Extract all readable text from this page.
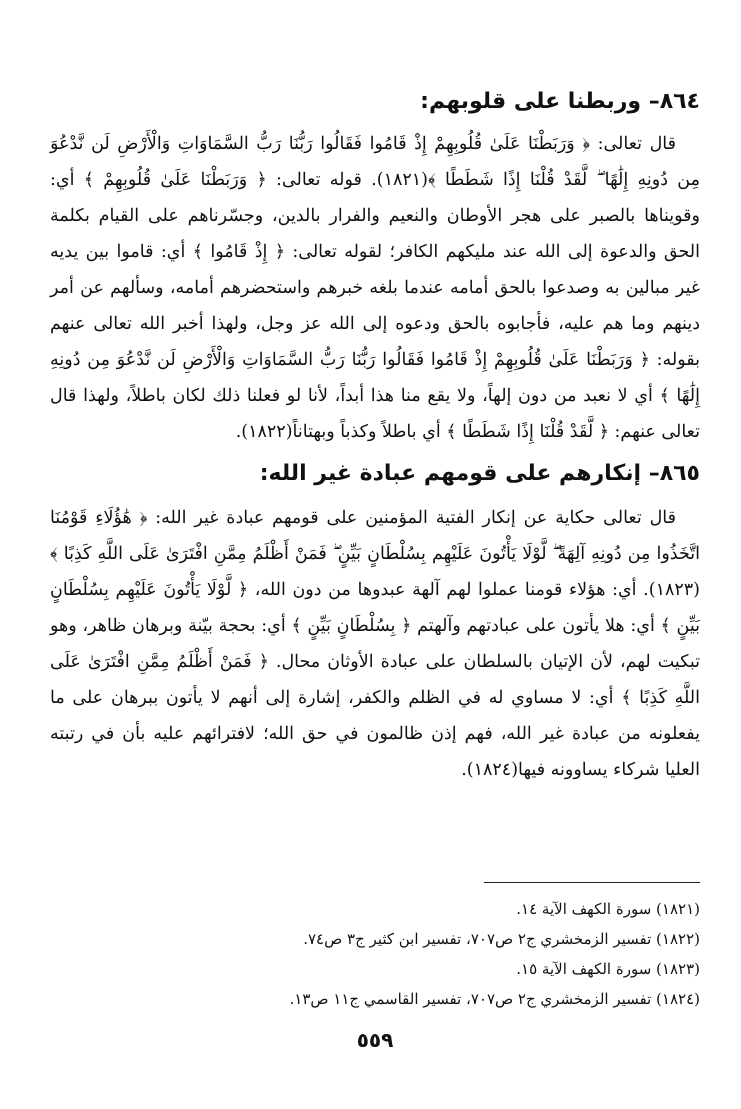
٨٦٤– وربطنا على قلوبهم:

قال تعالى: ﴿ وَرَبَطْنَا عَلَىٰ قُلُوبِهِمْ إِذْ قَامُوا فَقَالُوا رَبُّنَا رَبُّ السَّمَاوَاتِ وَالْأَرْضِ لَن نَّدْعُوَ مِن دُونِهِ إِلَٰهًا ۖ لَّقَدْ قُلْنَا إِذًا شَطَطًا ﴾(١٨٢١). قوله تعالى: ﴿ وَرَبَطْنَا عَلَىٰ قُلُوبِهِمْ ﴾ أي: وقويناها بالصبر على هجر الأوطان والنعيم والفرار بالدين، وجسّرناهم على القيام بكلمة الحق والدعوة إلى الله عند مليكهم الكافر؛ لقوله تعالى: ﴿ إِذْ قَامُوا ﴾ أي: قاموا بين يديه غير مبالين به وصدعوا بالحق أمامه عندما بلغه خبرهم واستحضرهم أمامه، وسألهم عن أمر دينهم وما هم عليه، فأجابوه بالحق ودعوه إلى الله عز وجل، ولهذا أخبر الله تعالى عنهم بقوله: ﴿ وَرَبَطْنَا عَلَىٰ قُلُوبِهِمْ إِذْ قَامُوا فَقَالُوا رَبُّنَا رَبُّ السَّمَاوَاتِ وَالْأَرْضِ لَن نَّدْعُوَ مِن دُونِهِ إِلَٰهًا ﴾ أي لا نعبد من دون إلهاً، ولا يقع منا هذا أبداً، لأنا لو فعلنا ذلك لكان باطلاً، ولهذا قال تعالى عنهم: ﴿ لَّقَدْ قُلْنَا إِذًا شَطَطًا ﴾ أي باطلاً وكذباً وبهتاناً(١٨٢٢).

٨٦٥– إنكارهم على قومهم عبادة غير الله:

قال تعالى حكاية عن إنكار الفتية المؤمنين على قومهم عبادة غير الله: ﴿ هَٰؤُلَاءِ قَوْمُنَا اتَّخَذُوا مِن دُونِهِ آلِهَةً ۖ لَّوْلَا يَأْتُونَ عَلَيْهِم بِسُلْطَانٍ بَيِّنٍ ۖ فَمَنْ أَظْلَمُ مِمَّنِ افْتَرَىٰ عَلَى اللَّهِ كَذِبًا ﴾(١٨٢٣). أي: هؤلاء قومنا عملوا لهم آلهة عبدوها من دون الله، ﴿ لَّوْلَا يَأْتُونَ عَلَيْهِم بِسُلْطَانٍ بَيِّنٍ ﴾ أي: هلا يأتون على عبادتهم وآلهتم ﴿ بِسُلْطَانٍ بَيِّنٍ ﴾ أي: بحجة بيّنة وبرهان ظاهر، وهو تبكيت لهم، لأن الإتيان بالسلطان على عبادة الأوثان محال. ﴿ فَمَنْ أَظْلَمُ مِمَّنِ افْتَرَىٰ عَلَى اللَّهِ كَذِبًا ﴾ أي: لا مساوي له في الظلم والكفر، إشارة إلى أنهم لا يأتون ببرهان على ما يفعلونه من عبادة غير الله، فهم إذن ظالمون في حق الله؛ لافترائهم عليه بأن في رتبته العليا شركاء يساوونه فيها(١٨٢٤).

(١٨٢١) سورة الكهف الآية ١٤.

(١٨٢٢) تفسير الزمخشري ج٢ ص٧٠٧، تفسير ابن كثير ج٣ ص٧٤.

(١٨٢٣) سورة الكهف الآية ١٥.

(١٨٢٤) تفسير الزمخشري ج٢ ص٧٠٧، تفسير القاسمي ج١١ ص١٣.

٥٥٩
